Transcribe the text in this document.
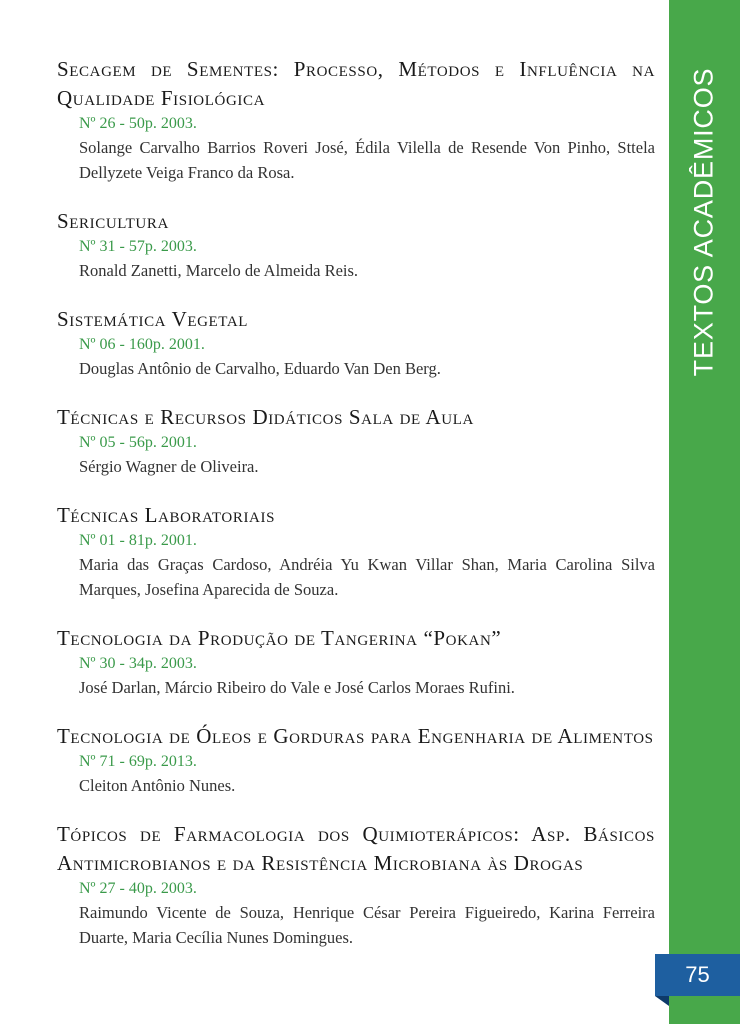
TEXTOS ACADÊMICOS

Secagem de Sementes: Processo, Métodos e Influência na Qualidade Fisiológica

Nº 26 - 50p. 2003.
Solange Carvalho Barrios Roveri José, Édila Vilella de Resende Von Pinho, Sttela Dellyzete Veiga Franco da Rosa.

Sericultura

Nº 31 - 57p. 2003.
Ronald Zanetti, Marcelo de Almeida Reis.

Sistemática Vegetal

Nº 06 - 160p. 2001.
Douglas Antônio de Carvalho, Eduardo Van Den Berg.

Técnicas e Recursos Didáticos Sala de Aula

Nº 05 - 56p. 2001.
Sérgio Wagner de Oliveira.

Técnicas Laboratoriais

Nº 01 - 81p. 2001.
Maria das Graças Cardoso, Andréia Yu Kwan Villar Shan, Maria Carolina Silva Marques, Josefina Aparecida de Souza.

Tecnologia da Produção de Tangerina “Pokan”

Nº 30 - 34p. 2003.
José Darlan, Márcio Ribeiro do Vale e José Carlos Moraes Rufini.

Tecnologia de Óleos e Gorduras para Engenharia de Alimentos

Nº 71 - 69p. 2013.
Cleiton Antônio Nunes.

Tópicos de Farmacologia dos Quimioterápicos: Asp. Básicos Antimicrobianos e da Resistência Microbiana às Drogas

Nº 27 - 40p. 2003.
Raimundo Vicente de Souza, Henrique César Pereira Figueiredo, Karina Ferreira Duarte, Maria Cecília Nunes Domingues.
75
